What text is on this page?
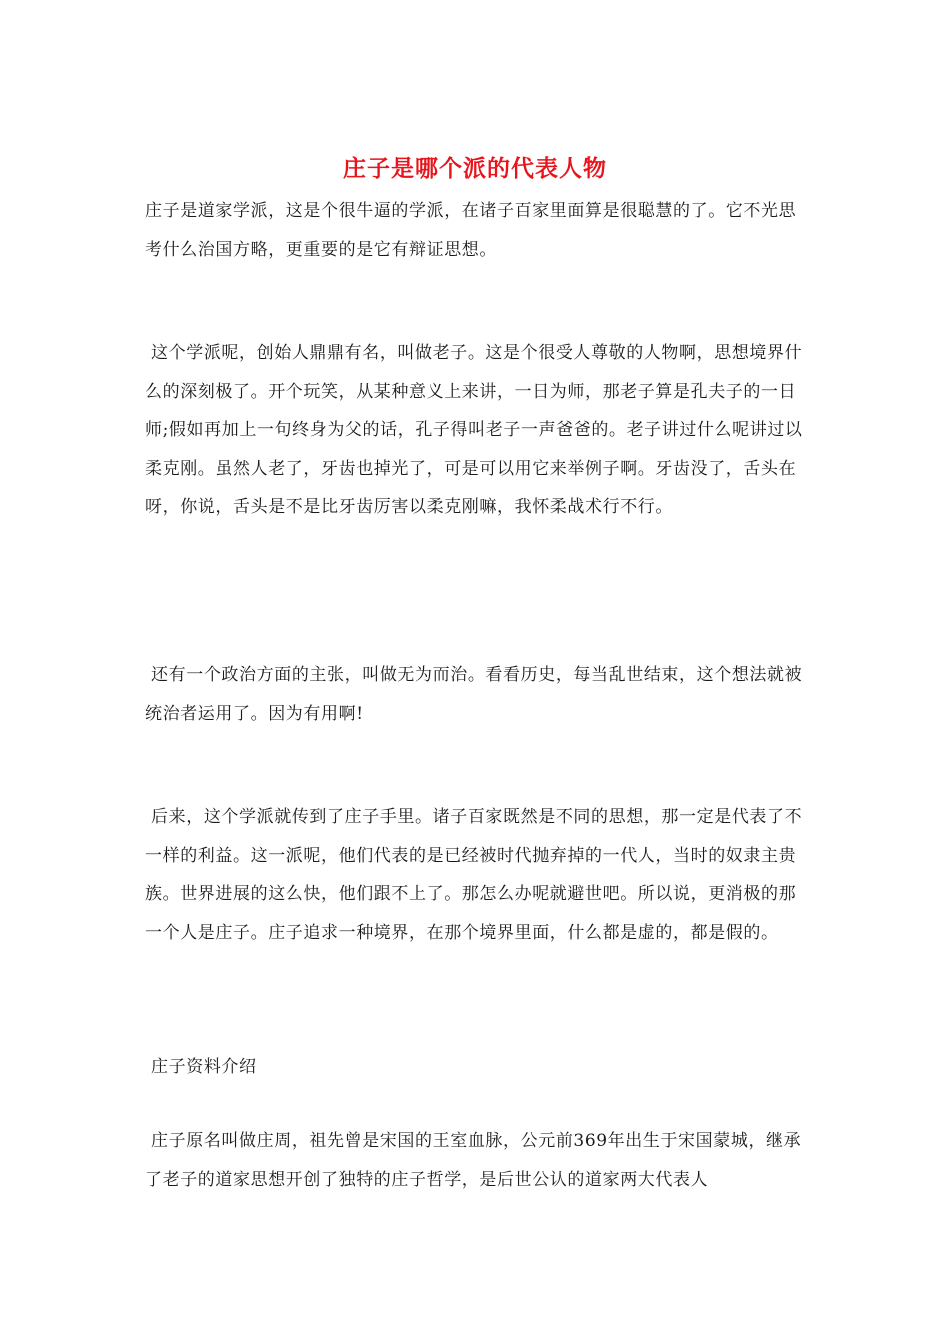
庄子是哪个派的代表人物

庄子是道家学派，这是个很牛逼的学派，在诸子百家里面算是很聪慧的了。它不光思考什么治国方略，更重要的是它有辩证思想。

这个学派呢，创始人鼎鼎有名，叫做老子。这是个很受人尊敬的人物啊，思想境界什么的深刻极了。开个玩笑，从某种意义上来讲，一日为师，那老子算是孔夫子的一日师;假如再加上一句终身为父的话，孔子得叫老子一声爸爸的。老子讲过什么呢讲过以柔克刚。虽然人老了，牙齿也掉光了，可是可以用它来举例子啊。牙齿没了，舌头在呀，你说，舌头是不是比牙齿厉害以柔克刚嘛，我怀柔战术行不行。

还有一个政治方面的主张，叫做无为而治。看看历史，每当乱世结束，这个想法就被统治者运用了。因为有用啊!

后来，这个学派就传到了庄子手里。诸子百家既然是不同的思想，那一定是代表了不一样的利益。这一派呢，他们代表的是已经被时代抛弃掉的一代人，当时的奴隶主贵族。世界进展的这么快，他们跟不上了。那怎么办呢就避世吧。所以说，更消极的那一个人是庄子。庄子追求一种境界，在那个境界里面，什么都是虚的，都是假的。

庄子资料介绍

庄子原名叫做庄周，祖先曾是宋国的王室血脉，公元前369年出生于宋国蒙城，继承了老子的道家思想开创了独特的庄子哲学，是后世公认的道家两大代表人
